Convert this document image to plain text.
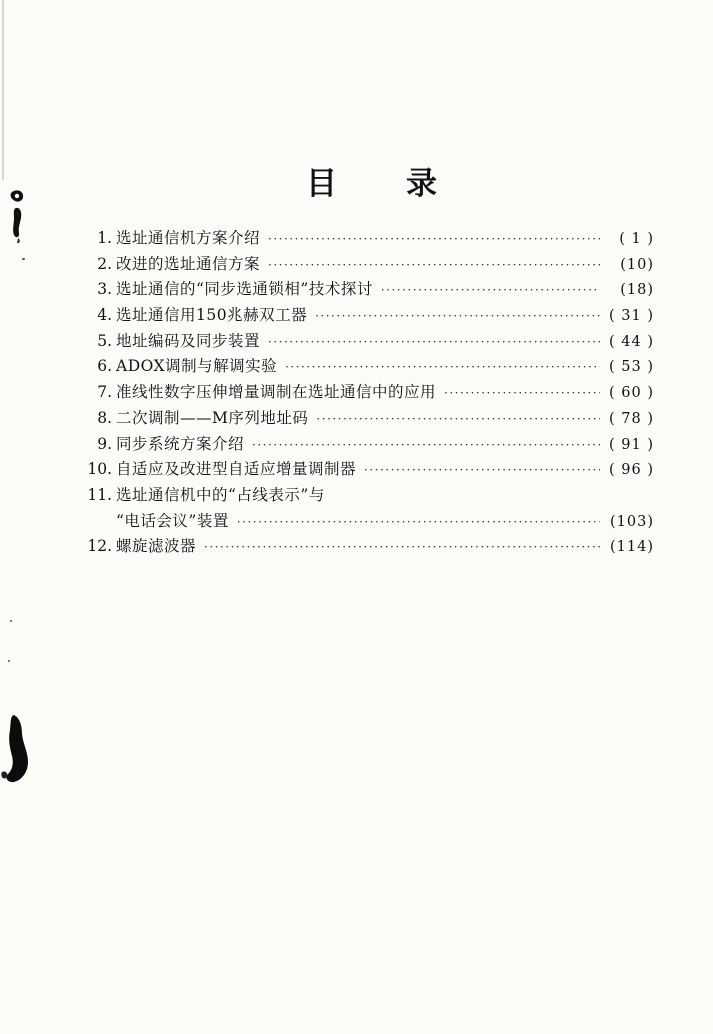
目 录
1. 选址通信机方案介绍 ·····	( 1 )
2. 改进的选址通信方案 ·····	(10)
3. 选址通信的“同步选通锁相”技术探讨 ·····	(18)
4. 选址通信用150兆赫双工器 ·····	( 31 )
5. 地址编码及同步装置 ·····	( 44 )
6. ADOX调制与解调实验 ·····	( 53 )
7. 准线性数字压伸增量调制在选址通信中的应用 ·····	( 60 )
8. 二次调制——M序列地址码 ·····	( 78 )
9. 同步系统方案介绍 ·····	( 91 )
10. 自适应及改进型自适应增量调制器 ·····	( 96 )
11. 选址通信机中的“占线表示”与
“电话会议”装置 ·····	(103)
12. 螺旋滤波器 ·····	(114)
